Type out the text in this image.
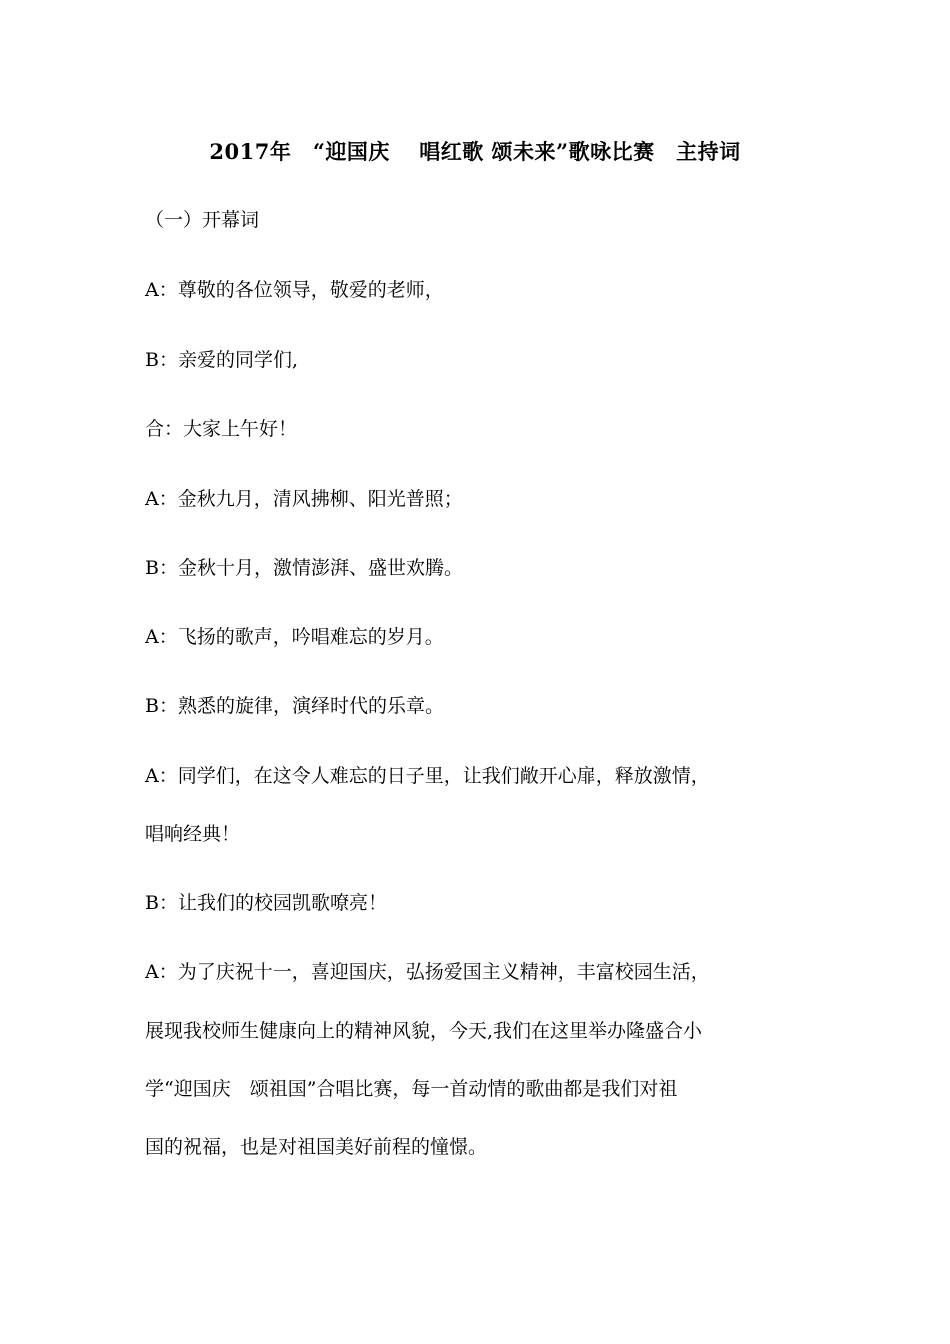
2017年　“迎国庆　 唱红歌 颂未来”歌咏比赛　主持词
（一）开幕词
A：尊敬的各位领导，敬爱的老师，
B：亲爱的同学们,
合：大家上午好！
A：金秋九月，清风拂柳、阳光普照；
B：金秋十月，激情澎湃、盛世欢腾。
A：飞扬的歌声，吟唱难忘的岁月。
B：熟悉的旋律，演绎时代的乐章。
A：同学们，在这令人难忘的日子里，让我们敞开心扉，释放激情，
唱响经典！
B：让我们的校园凯歌嘹亮！
A：为了庆祝十一，喜迎国庆，弘扬爱国主义精神，丰富校园生活，
展现我校师生健康向上的精神风貌，今天,我们在这里举办隆盛合小
学“迎国庆　颂祖国”合唱比赛，每一首动情的歌曲都是我们对祖
国的祝福，也是对祖国美好前程的憧憬。
